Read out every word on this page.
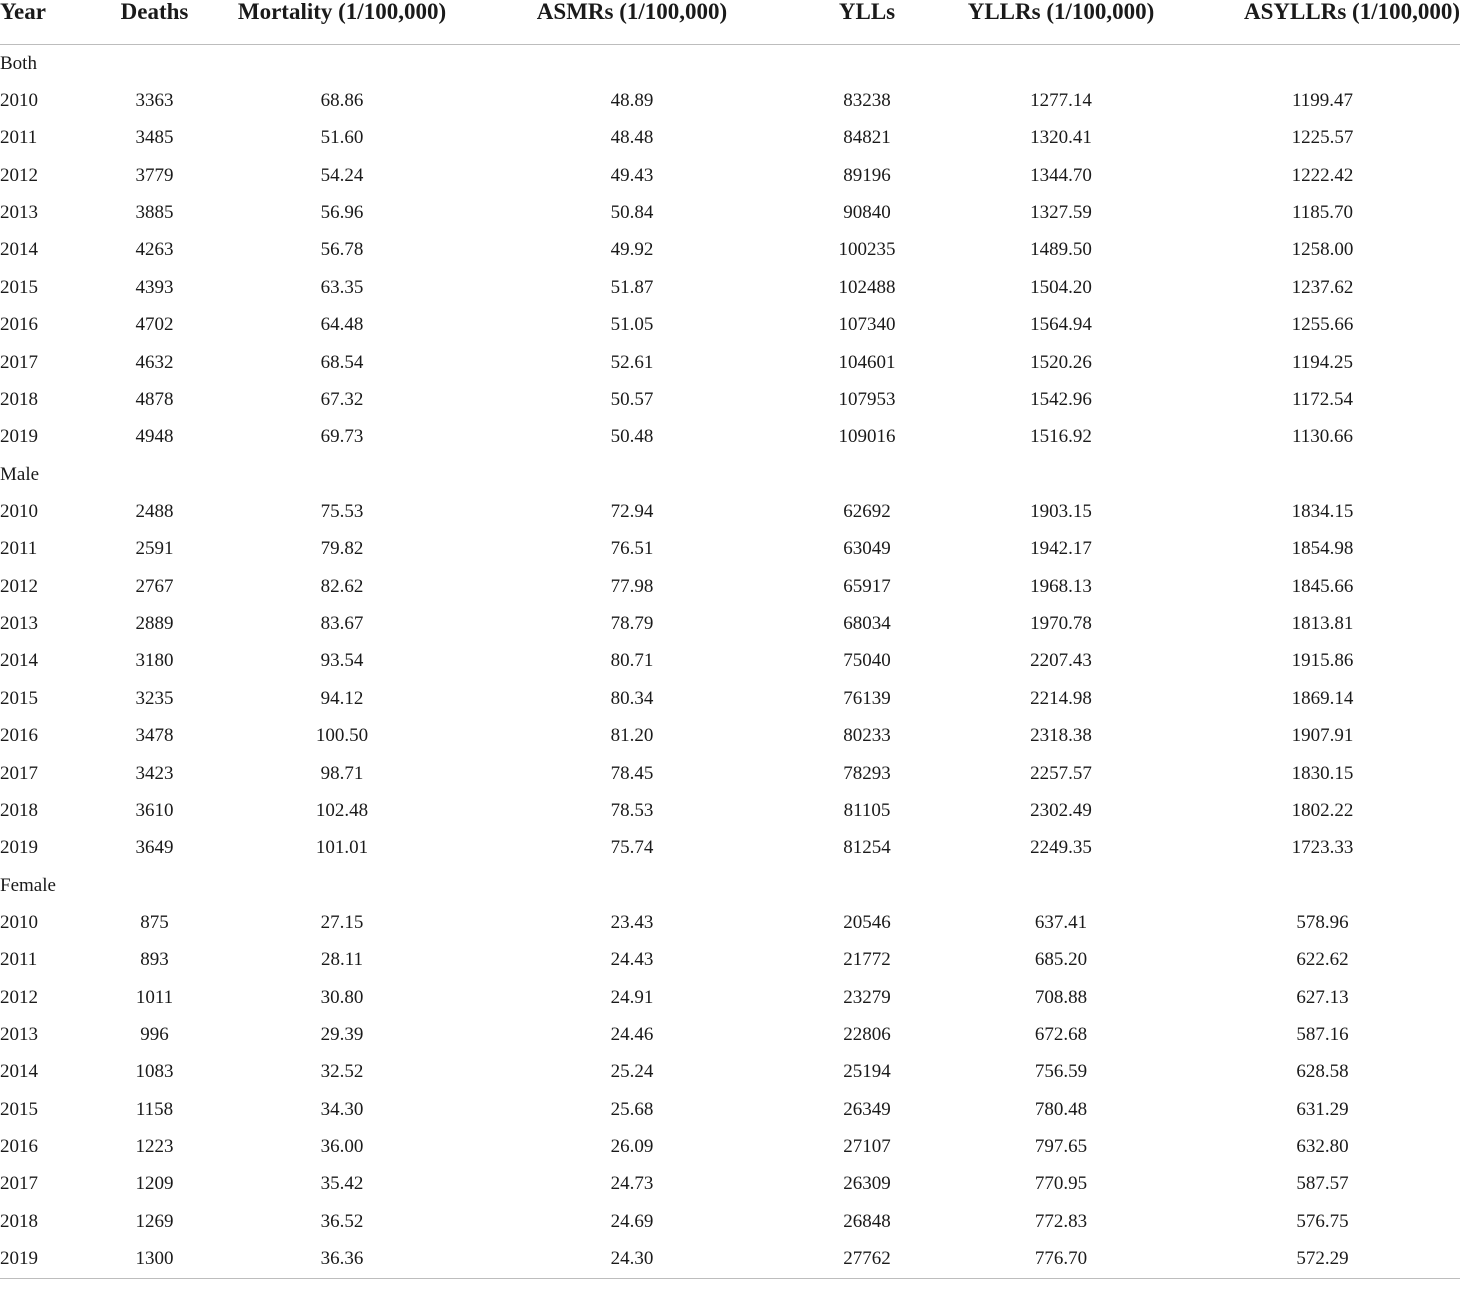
Year	Deaths	Mortality (1/100,000)	ASMRs (1/100,000)	YLLs	YLLRs (1/100,000)	ASYLLRs (1/100,000)
Both						
2010	3363	68.86	48.89	83238	1277.14	1199.47
2011	3485	51.60	48.48	84821	1320.41	1225.57
2012	3779	54.24	49.43	89196	1344.70	1222.42
2013	3885	56.96	50.84	90840	1327.59	1185.70
2014	4263	56.78	49.92	100235	1489.50	1258.00
2015	4393	63.35	51.87	102488	1504.20	1237.62
2016	4702	64.48	51.05	107340	1564.94	1255.66
2017	4632	68.54	52.61	104601	1520.26	1194.25
2018	4878	67.32	50.57	107953	1542.96	1172.54
2019	4948	69.73	50.48	109016	1516.92	1130.66
Male						
2010	2488	75.53	72.94	62692	1903.15	1834.15
2011	2591	79.82	76.51	63049	1942.17	1854.98
2012	2767	82.62	77.98	65917	1968.13	1845.66
2013	2889	83.67	78.79	68034	1970.78	1813.81
2014	3180	93.54	80.71	75040	2207.43	1915.86
2015	3235	94.12	80.34	76139	2214.98	1869.14
2016	3478	100.50	81.20	80233	2318.38	1907.91
2017	3423	98.71	78.45	78293	2257.57	1830.15
2018	3610	102.48	78.53	81105	2302.49	1802.22
2019	3649	101.01	75.74	81254	2249.35	1723.33
Female						
2010	875	27.15	23.43	20546	637.41	578.96
2011	893	28.11	24.43	21772	685.20	622.62
2012	1011	30.80	24.91	23279	708.88	627.13
2013	996	29.39	24.46	22806	672.68	587.16
2014	1083	32.52	25.24	25194	756.59	628.58
2015	1158	34.30	25.68	26349	780.48	631.29
2016	1223	36.00	26.09	27107	797.65	632.80
2017	1209	35.42	24.73	26309	770.95	587.57
2018	1269	36.52	24.69	26848	772.83	576.75
2019	1300	36.36	24.30	27762	776.70	572.29
